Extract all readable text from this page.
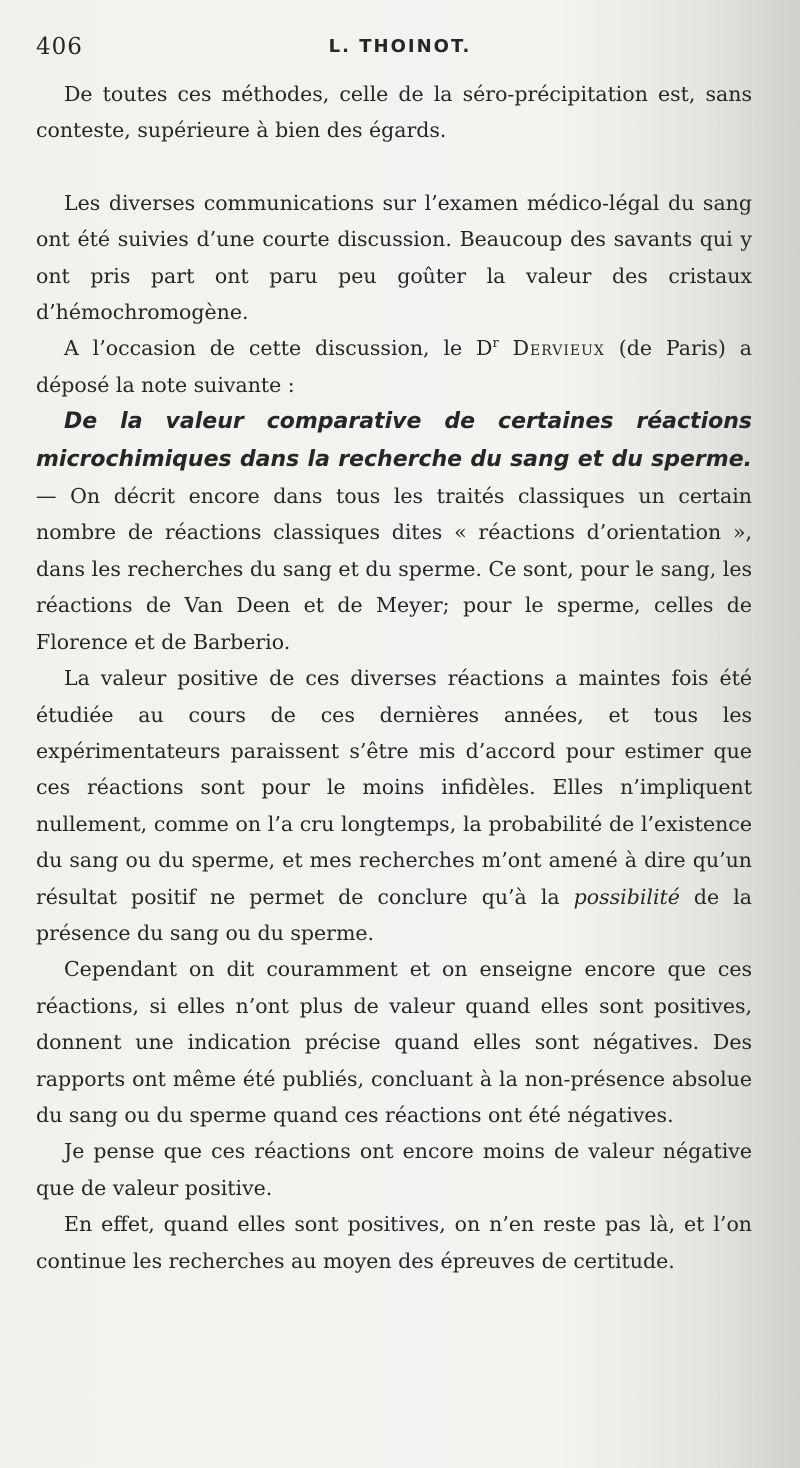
406	L. THOINOT.

De toutes ces méthodes, celle de la séro-précipitation est, sans conteste, supérieure à bien des égards.

Les diverses communications sur l’examen médico-légal du sang ont été suivies d’une courte discussion. Beaucoup des savants qui y ont pris part ont paru peu goûter la valeur des cristaux d’hémochromogène.

A l’occasion de cette discussion, le $D^r$ Dervieux (de Paris) a déposé la note suivante :

De la valeur comparative de certaines réactions microchimiques dans la recherche du sang et du sperme. — On décrit encore dans tous les traités classiques un certain nombre de réactions classiques dites « réactions d’orientation », dans les recherches du sang et du sperme. Ce sont, pour le sang, les réactions de Van Deen et de Meyer; pour le sperme, celles de Florence et de Barberio.

La valeur positive de ces diverses réactions a maintes fois été étudiée au cours de ces dernières années, et tous les expérimentateurs paraissent s’être mis d’accord pour estimer que ces réactions sont pour le moins infidèles. Elles n’impliquent nullement, comme on l’a cru longtemps, la probabilité de l’existence du sang ou du sperme, et mes recherches m’ont amené à dire qu’un résultat positif ne permet de conclure qu’à la possibilité de la présence du sang ou du sperme.

Cependant on dit couramment et on enseigne encore que ces réactions, si elles n’ont plus de valeur quand elles sont positives, donnent une indication précise quand elles sont négatives. Des rapports ont même été publiés, concluant à la non-présence absolue du sang ou du sperme quand ces réactions ont été négatives.

Je pense que ces réactions ont encore moins de valeur négative que de valeur positive.

En effet, quand elles sont positives, on n’en reste pas là, et l’on continue les recherches au moyen des épreuves de certitude.
